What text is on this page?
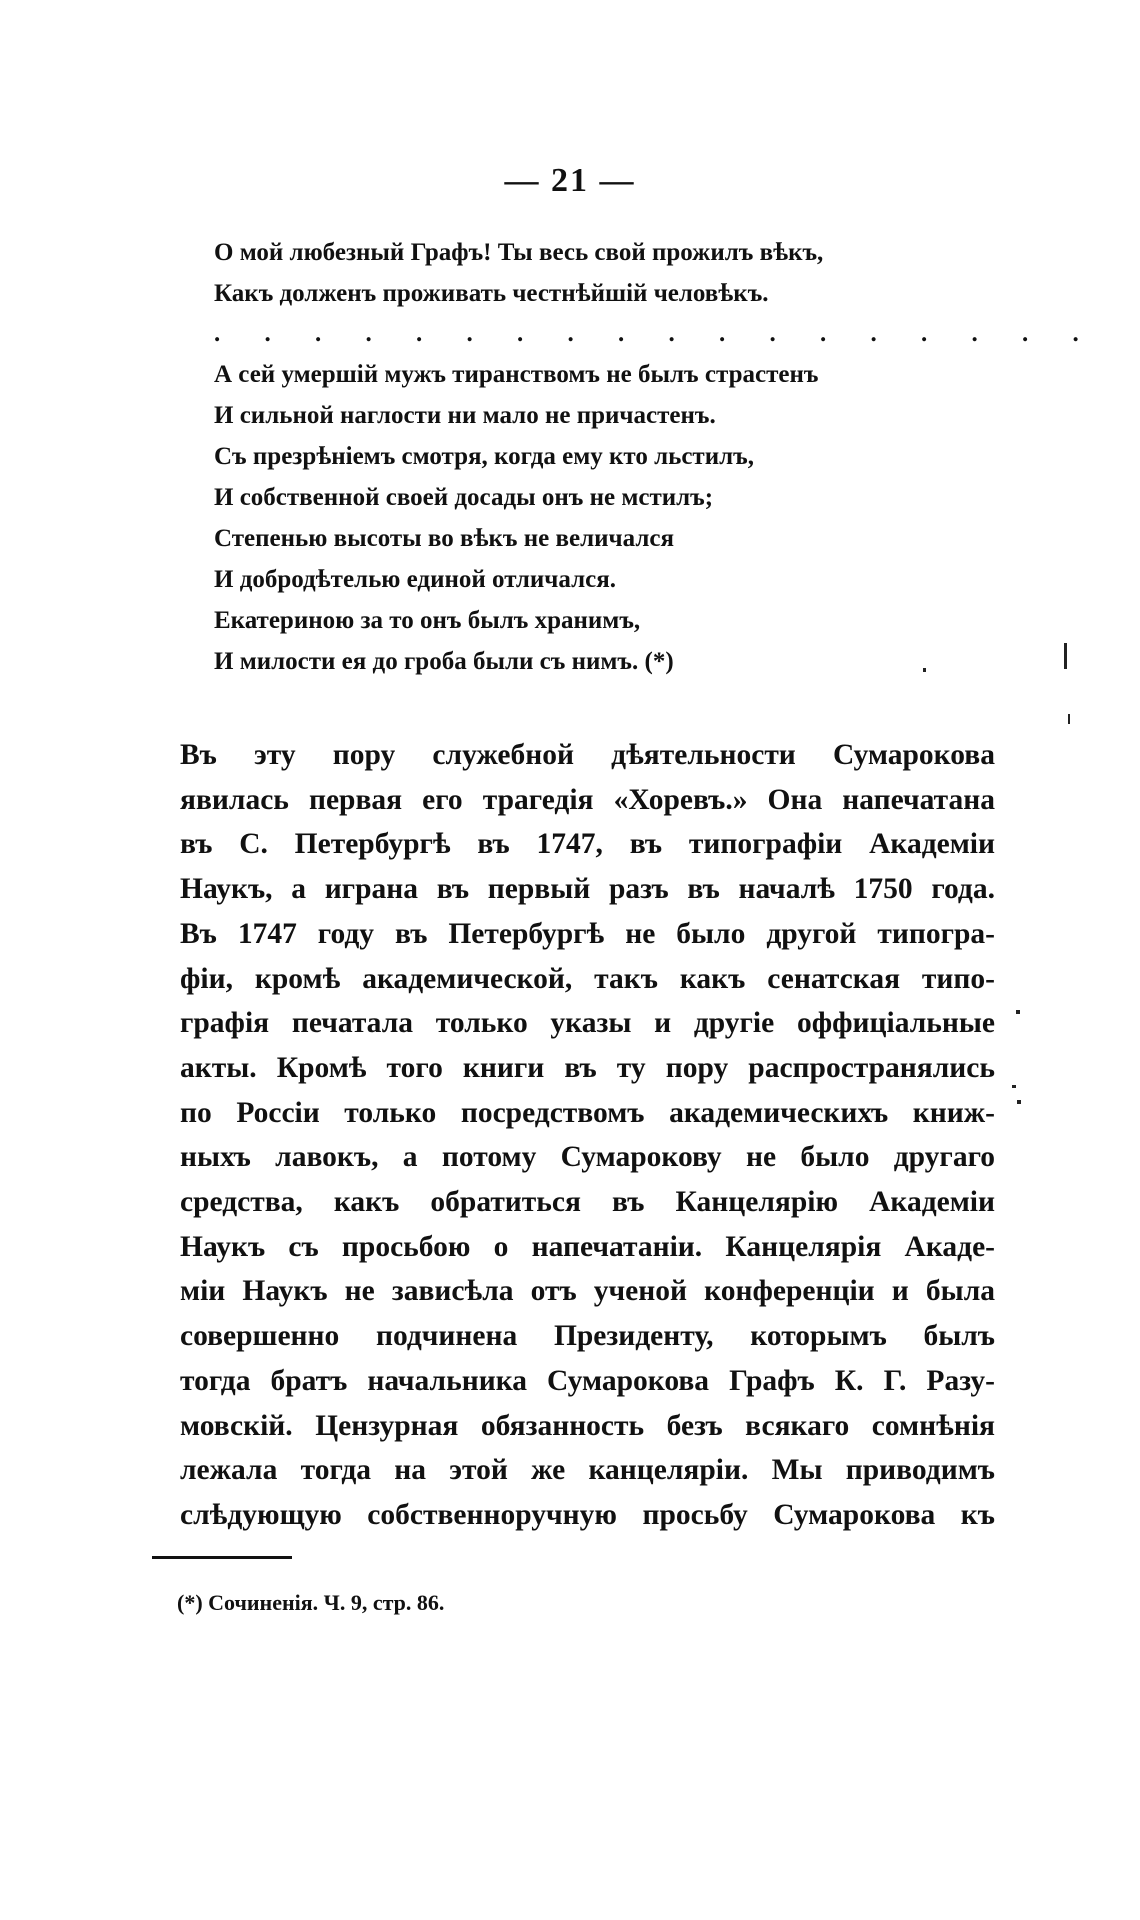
— 21 —
О мой любезный Графъ! Ты весь свой прожилъ вѣкъ,
Какъ долженъ проживать честнѣйшій человѣкъ.
. . . . . . . . . . . . . . . . . .
А сей умершій мужъ тиранствомъ не былъ страстенъ
И сильной наглости ни мало не причастенъ.
Съ презрѣніемъ смотря, когда ему кто льстилъ,
И собственной своей досады онъ не мстилъ;
Степенью высоты во вѣкъ не величался
И добродѣтелью единой отличался.
Екатериною за то онъ былъ хранимъ,
И милости ея до гроба были съ нимъ. (*)
Въ эту пору служебной дѣятельности Сумарокова
явилась первая его трагедія «Хоревъ.» Она напечатана
въ С. Петербургѣ въ 1747, въ типографіи Академіи
Наукъ, а играна въ первый разъ въ началѣ 1750 года.
Въ 1747 году въ Петербургѣ не было другой типогра-
фіи, кромѣ академической, такъ какъ сенатская типо-
графія печатала только указы и другіе оффиціальные
акты. Кромѣ того книги въ ту пору распространялись
по Россіи только посредствомъ академическихъ книж-
ныхъ лавокъ, а потому Сумарокову не было другаго
средства, какъ обратиться въ Канцелярію Академіи
Наукъ съ просьбою о напечатаніи. Канцелярія Акаде-
міи Наукъ не зависѣла отъ ученой конференціи и была
совершенно подчинена Президенту, которымъ былъ
тогда братъ начальника Сумарокова Графъ К. Г. Разу-
мовскій. Цензурная обязанность безъ всякаго сомнѣнія
лежала тогда на этой же канцеляріи. Мы приводимъ
слѣдующую собственноручную просьбу Сумарокова къ
(*) Сочиненія. Ч. 9, стр. 86.
